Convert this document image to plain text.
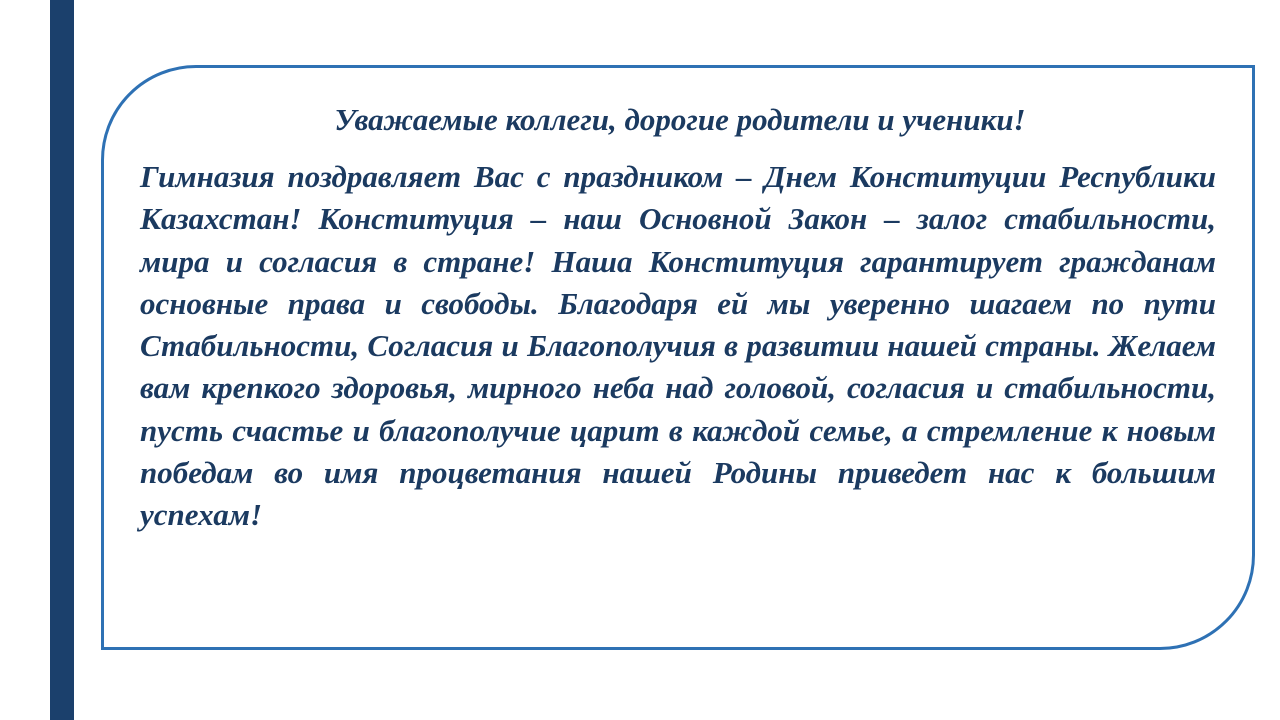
Уважаемые коллеги, дорогие родители и ученики!

Гимназия поздравляет Вас с праздником – Днем Конституции Республики Казахстан! Конституция – наш Основной Закон – залог стабильности, мира и согласия в стране! Наша Конституция гарантирует гражданам основные права и свободы. Благодаря ей мы уверенно шагаем по пути Стабильности, Согласия и Благополучия в развитии нашей страны. Желаем вам крепкого здоровья, мирного неба над головой, согласия и стабильности, пусть счастье и благополучие царит в каждой семье, а стремление к новым победам во имя процветания нашей Родины приведет нас к большим успехам!
